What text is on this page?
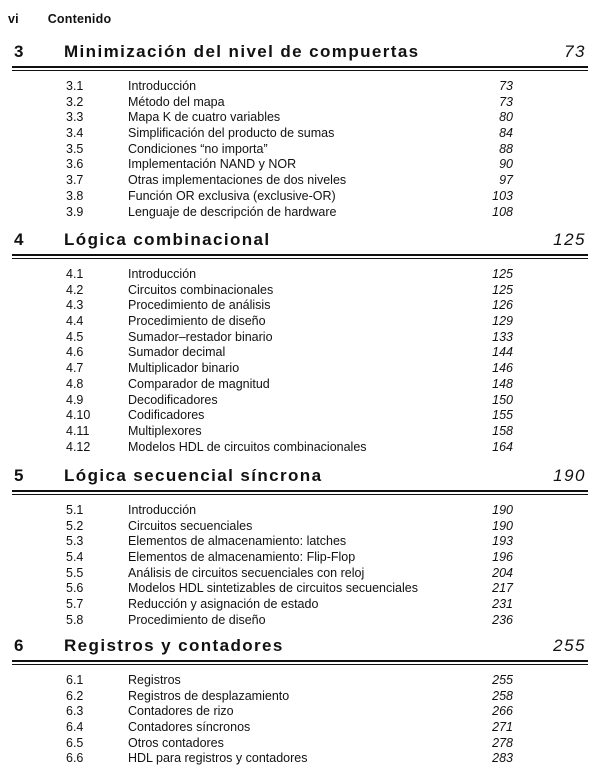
vi Contenido
3 Minimización del nivel de compuertas	73
3.1	Introducción	73
3.2	Método del mapa	73
3.3	Mapa K de cuatro variables	80
3.4	Simplificación del producto de sumas	84
3.5	Condiciones “no importa”	88
3.6	Implementación NAND y NOR	90
3.7	Otras implementaciones de dos niveles	97
3.8	Función OR exclusiva (exclusive-OR)	103
3.9	Lenguaje de descripción de hardware	108
4 Lógica combinacional	125
4.1	Introducción	125
4.2	Circuitos combinacionales	125
4.3	Procedimiento de análisis	126
4.4	Procedimiento de diseño	129
4.5	Sumador–restador binario	133
4.6	Sumador decimal	144
4.7	Multiplicador binario	146
4.8	Comparador de magnitud	148
4.9	Decodificadores	150
4.10	Codificadores	155
4.11	Multiplexores	158
4.12	Modelos HDL de circuitos combinacionales	164
5 Lógica secuencial síncrona	190
5.1	Introducción	190
5.2	Circuitos secuenciales	190
5.3	Elementos de almacenamiento: latches	193
5.4	Elementos de almacenamiento: Flip-Flop	196
5.5	Análisis de circuitos secuenciales con reloj	204
5.6	Modelos HDL sintetizables de circuitos secuenciales	217
5.7	Reducción y asignación de estado	231
5.8	Procedimiento de diseño	236
6 Registros y contadores	255
6.1	Registros	255
6.2	Registros de desplazamiento	258
6.3	Contadores de rizo	266
6.4	Contadores síncronos	271
6.5	Otros contadores	278
6.6	HDL para registros y contadores	283
